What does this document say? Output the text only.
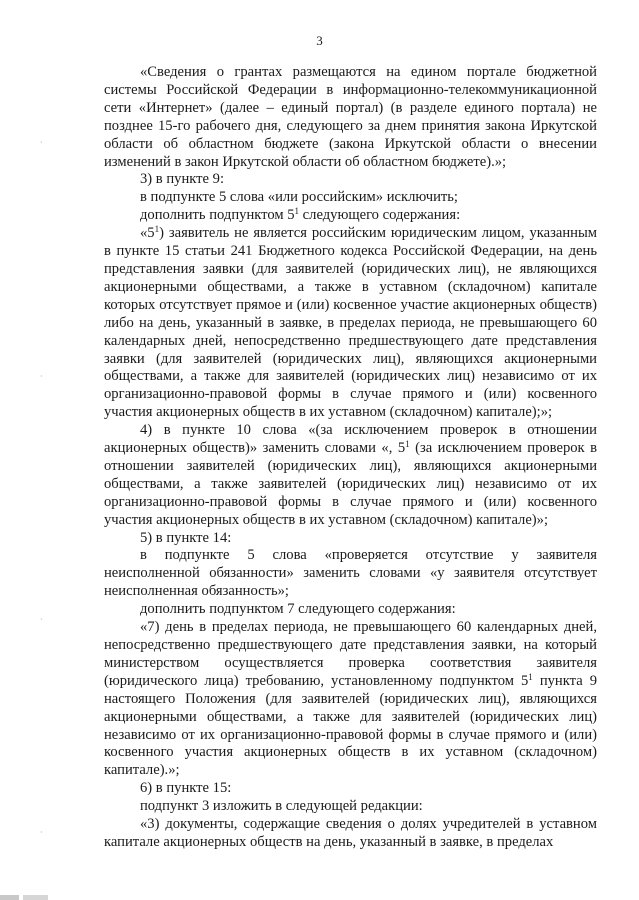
3
·
·
·
·

«Сведения о грантах размещаются на едином портале бюджетной системы Российской Федерации в информационно-телекоммуникационной сети «Интернет» (далее – единый портал) (в разделе единого портала) не позднее 15-го рабочего дня, следующего за днем принятия закона Иркутской области об областном бюджете (закона Иркутской области о внесении изменений в закон Иркутской области об областном бюджете).»;

3) в пункте 9:

в подпункте 5 слова «или российским» исключить;

дополнить подпунктом $5^1$ следующего содержания:

«$5^1$) заявитель не является российским юридическим лицом, указанным в пункте 15 статьи 241 Бюджетного кодекса Российской Федерации, на день представления заявки (для заявителей (юридических лиц), не являющихся акционерными обществами, а также в уставном (складочном) капитале которых отсутствует прямое и (или) косвенное участие акционерных обществ) либо на день, указанный в заявке, в пределах периода, не превышающего 60 календарных дней, непосредственно предшествующего дате представления заявки (для заявителей (юридических лиц), являющихся акционерными обществами, а также для заявителей (юридических лиц) независимо от их организационно-правовой формы в случае прямого и (или) косвенного участия акционерных обществ в их уставном (складочном) капитале);»;

4) в пункте 10 слова «(за исключением проверок в отношении акционерных обществ)» заменить словами «, $5^1$ (за исключением проверок в отношении заявителей (юридических лиц), являющихся акционерными обществами, а также заявителей (юридических лиц) независимо от их организационно-правовой формы в случае прямого и (или) косвенного участия акционерных обществ в их уставном (складочном) капитале)»;

5) в пункте 14:

в подпункте 5 слова «проверяется отсутствие у заявителя неисполненной обязанности» заменить словами «у заявителя отсутствует неисполненная обязанность»;

дополнить подпунктом 7 следующего содержания:

«7) день в пределах периода, не превышающего 60 календарных дней, непосредственно предшествующего дате представления заявки, на который министерством осуществляется проверка соответствия заявителя (юридического лица) требованию, установленному подпунктом $5^1$ пункта 9 настоящего Положения (для заявителей (юридических лиц), являющихся акционерными обществами, а также для заявителей (юридических лиц) независимо от их организационно-правовой формы в случае прямого и (или) косвенного участия акционерных обществ в их уставном (складочном) капитале).»;

6) в пункте 15:

подпункт 3 изложить в следующей редакции:

«3) документы, содержащие сведения о долях учредителей в уставном капитале акционерных обществ на день, указанный в заявке, в пределах
